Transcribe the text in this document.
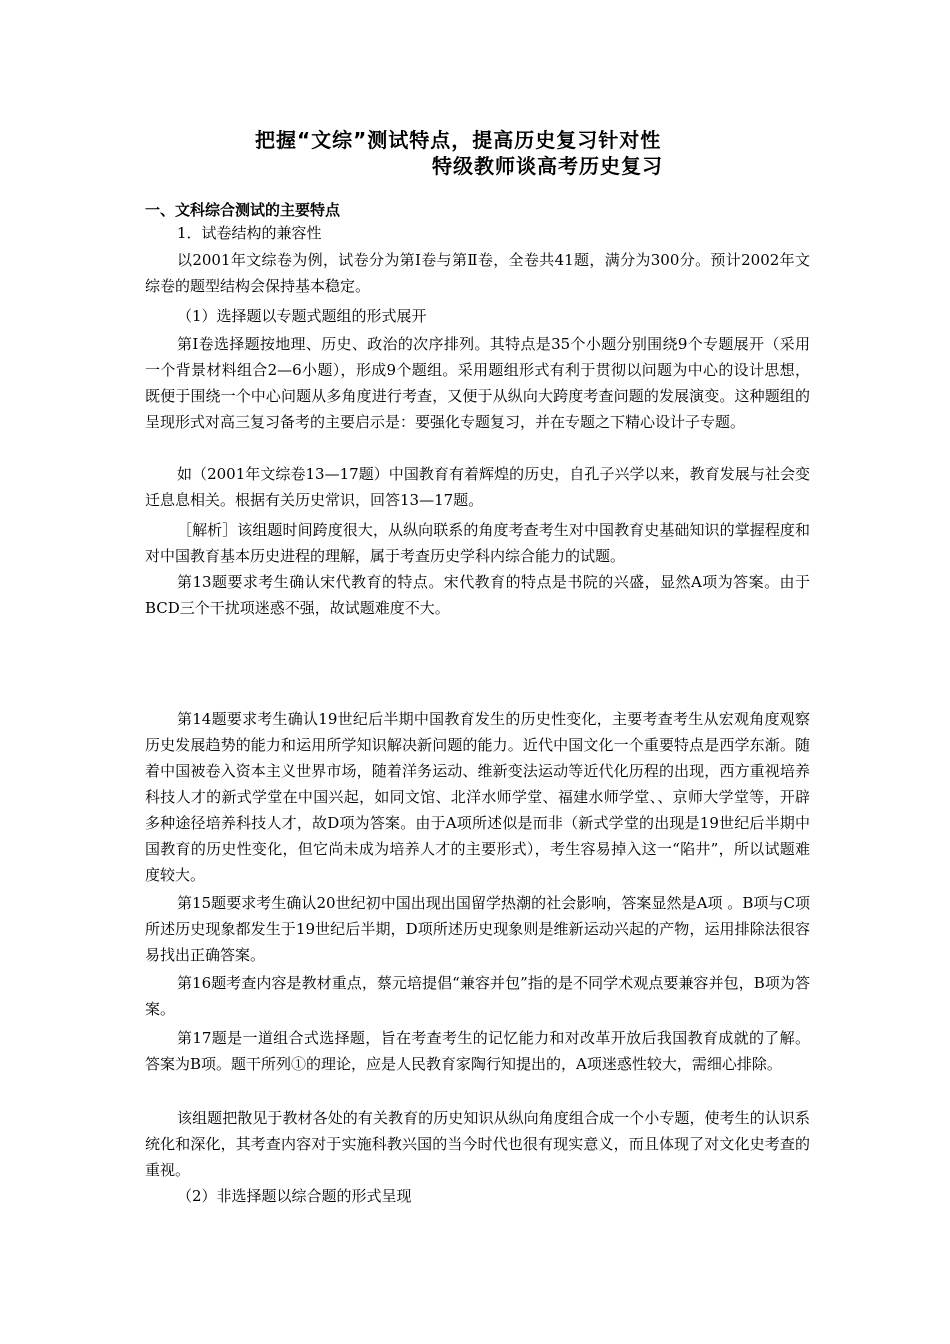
把握“文综”测试特点，提高历史复习针对性
特级教师谈高考历史复习
一、文科综合测试的主要特点
1．试卷结构的兼容性
以2001年文综卷为例，试卷分为第Ⅰ卷与第Ⅱ卷，全卷共41题，满分为300分。预计2002年文综卷的题型结构会保持基本稳定。
（1）选择题以专题式题组的形式展开
第Ⅰ卷选择题按地理、历史、政治的次序排列。其特点是35个小题分别围绕9个专题展开（采用一个背景材料组合2—6小题），形成9个题组。采用题组形式有利于贯彻以问题为中心的设计思想，既便于围绕一个中心问题从多角度进行考查，又便于从纵向大跨度考查问题的发展演变。这种题组的呈现形式对高三复习备考的主要启示是：要强化专题复习，并在专题之下精心设计子专题。
如（2001年文综卷13—17题）中国教育有着辉煌的历史，自孔子兴学以来，教育发展与社会变迁息息相关。根据有关历史常识，回答13—17题。
［解析］该组题时间跨度很大，从纵向联系的角度考查考生对中国教育史基础知识的掌握程度和对中国教育基本历史进程的理解，属于考查历史学科内综合能力的试题。
第13题要求考生确认宋代教育的特点。宋代教育的特点是书院的兴盛，显然A项为答案。由于BCD三个干扰项迷惑不强，故试题难度不大。
第14题要求考生确认19世纪后半期中国教育发生的历史性变化，主要考查考生从宏观角度观察历史发展趋势的能力和运用所学知识解决新问题的能力。近代中国文化一个重要特点是西学东渐。随着中国被卷入资本主义世界市场，随着洋务运动、维新变法运动等近代化历程的出现，西方重视培养科技人才的新式学堂在中国兴起，如同文馆、北洋水师学堂、福建水师学堂、、京师大学堂等，开辟多种途径培养科技人才，故D项为答案。由于A项所述似是而非（新式学堂的出现是19世纪后半期中国教育的历史性变化，但它尚未成为培养人才的主要形式），考生容易掉入这一“陷井”，所以试题难度较大。
第15题要求考生确认20世纪初中国出现出国留学热潮的社会影响，答案显然是A项 。B项与C项所述历史现象都发生于19世纪后半期，D项所述历史现象则是维新运动兴起的产物，运用排除法很容易找出正确答案。
第16题考查内容是教材重点，蔡元培提倡“兼容并包”指的是不同学术观点要兼容并包，B项为答案。
第17题是一道组合式选择题，旨在考查考生的记忆能力和对改革开放后我国教育成就的了解。答案为B项。题干所列①的理论，应是人民教育家陶行知提出的，A项迷惑性较大，需细心排除。
该组题把散见于教材各处的有关教育的历史知识从纵向角度组合成一个小专题，使考生的认识系统化和深化，其考查内容对于实施科教兴国的当今时代也很有现实意义，而且体现了对文化史考查的重视。
（2）非选择题以综合题的形式呈现
